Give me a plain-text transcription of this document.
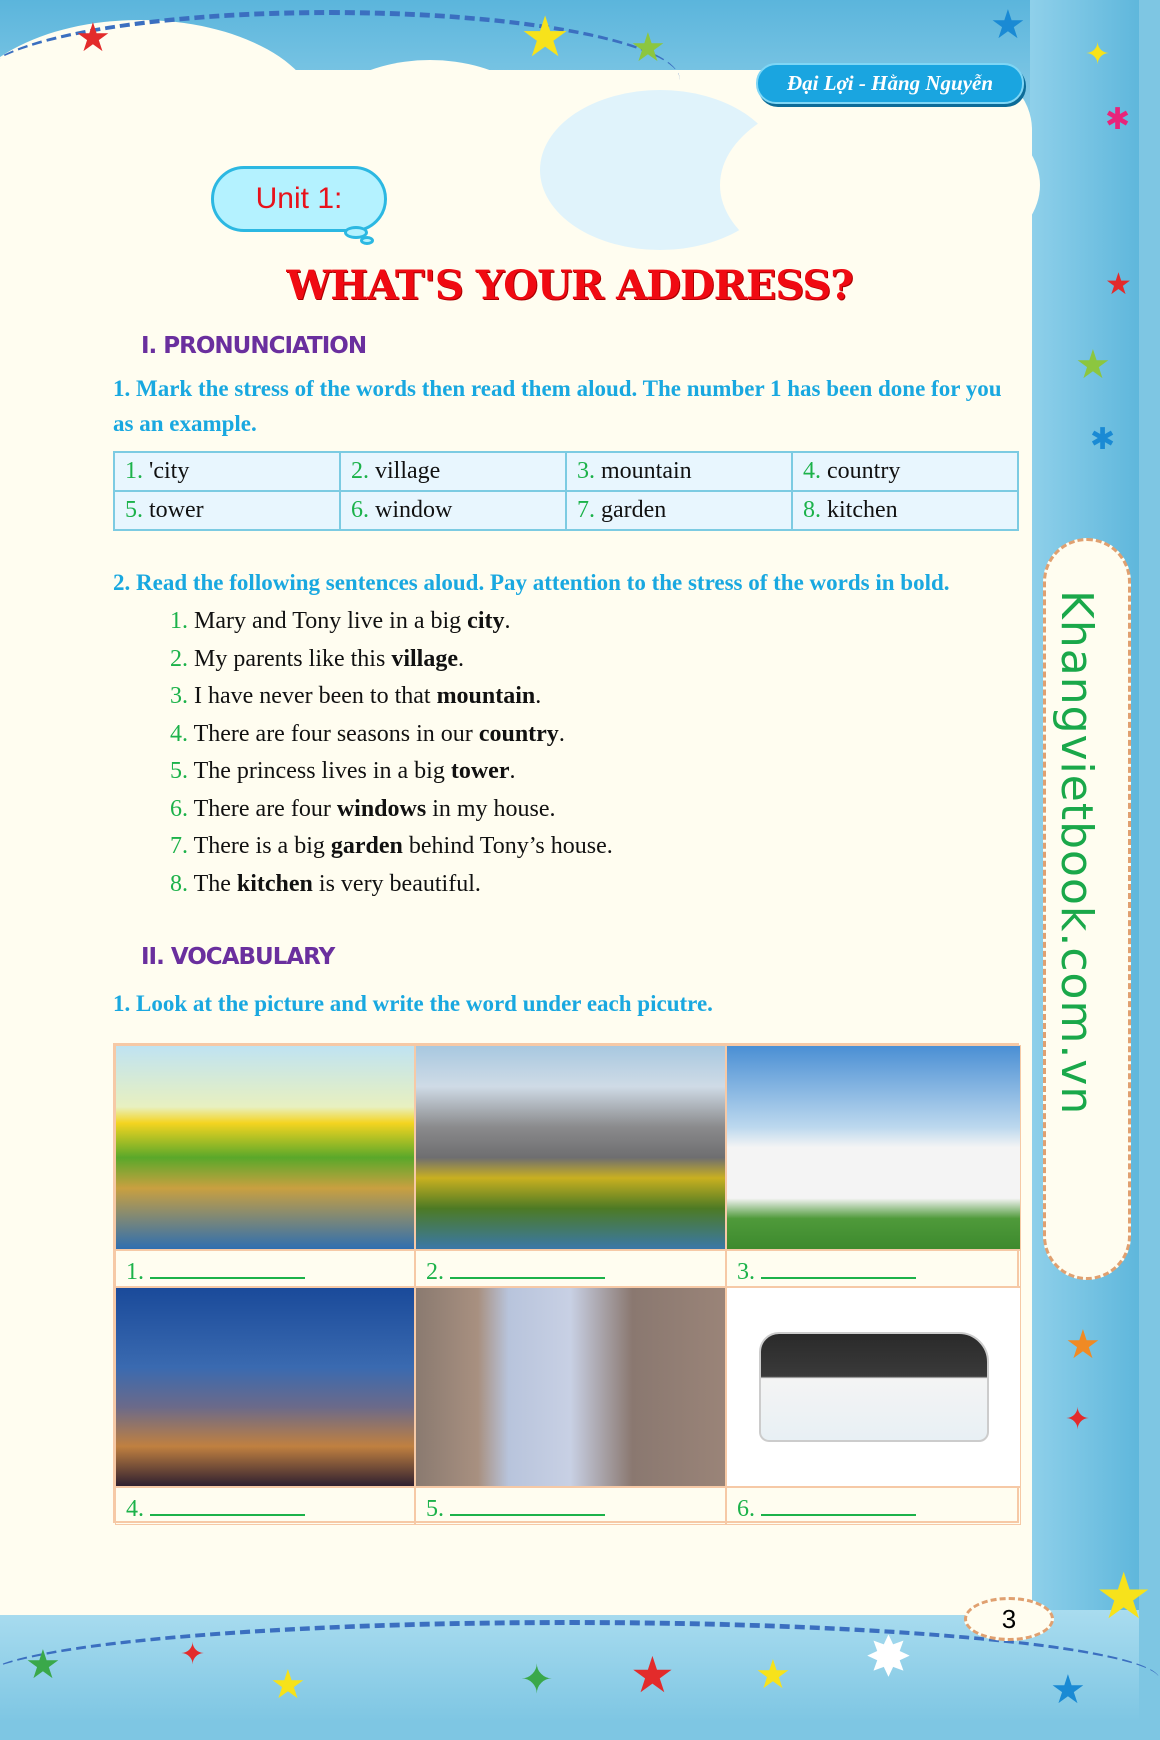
★	★ ★
★
✦
✱
★
★
✱
★
✦
★
★	✦
★	✦ ★ ★ ✸
★
Đại Lợi - Hằng Nguyễn
Unit 1:
WHAT'S YOUR ADDRESS?
I. PRONUNCIATION
1. Mark the stress of the words then read them aloud. The number 1 has been done for you as an example.
1. 'city	2. village	3. mountain	4. country
5. tower	6. window	7. garden	8. kitchen
2. Read the following sentences aloud. Pay attention to the stress of the words in bold.
1. Mary and Tony live in a big city.
2. My parents like this village.
3. I have never been to that mountain.
4. There are four seasons in our country.
5. The princess lives in a big tower.
6. There are four windows in my house.
7. There is a big garden behind Tony’s house.
8. The kitchen is very beautiful.
II. VOCABULARY
1. Look at the picture and write the word under each picutre.
1.	2.	3.
4.	5.	6.
Khangvietbook.com.vn
3
